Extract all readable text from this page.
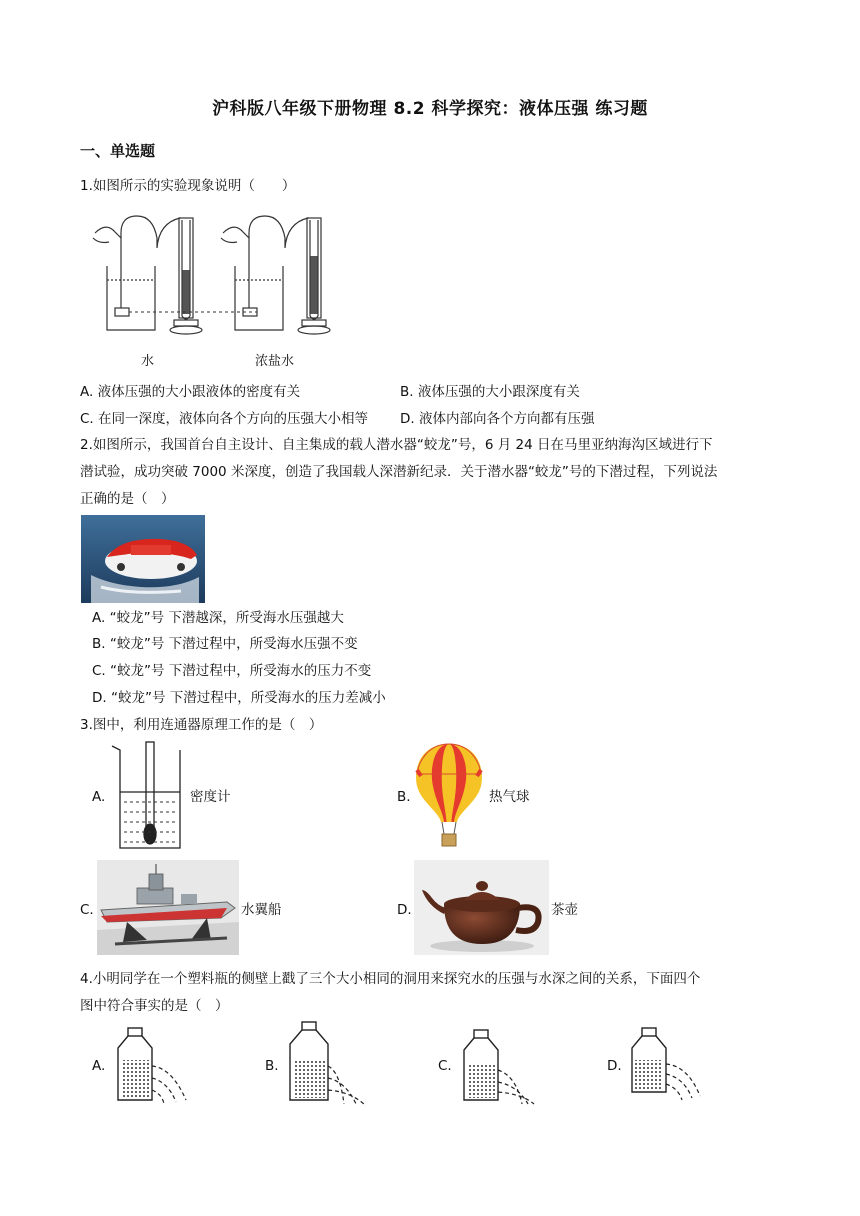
沪科版八年级下册物理 8.2 科学探究：液体压强 练习题
一、单选题
1.如图所示的实验现象说明（　　）
水	浓盐水
A. 液体压强的大小跟液体的密度有关	B. 液体压强的大小跟深度有关
C. 在同一深度，液体向各个方向的压强大小相等 D. 液体内部向各个方向都有压强
2.如图所示，我国首台自主设计、自主集成的载人潜水器“蛟龙”号，6 月 24 日在马里亚纳海沟区域进行下
潜试验，成功突破 7000 米深度，创造了我国载人深潜新纪录．关于潜水器“蛟龙”号的下潜过程，下列说法
正确的是（　）
A. “蛟龙”号 下潜越深，所受海水压强越大
B. “蛟龙”号 下潜过程中，所受海水压强不变
C. “蛟龙”号 下潜过程中，所受海水的压力不变
D. “蛟龙”号 下潜过程中，所受海水的压力差减小
3.图中，利用连通器原理工作的是（　）
A.	密度计	B.	热气球
C.	水翼船	D.	茶壶
4.小明同学在一个塑料瓶的侧壁上戳了三个大小相同的洞用来探究水的压强与水深之间的关系，下面四个
图中符合事实的是（　）
A.	B.	C.	D.
